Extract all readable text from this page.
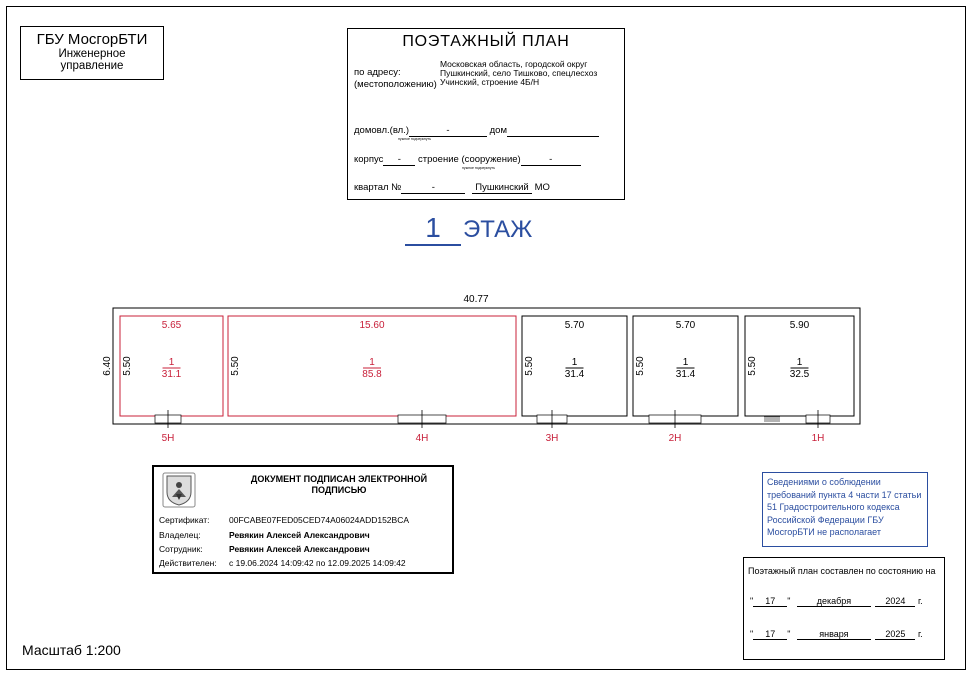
ГБУ МосгорБТИ
Инженерное
управление
ПОЭТАЖНЫЙ ПЛАН
по адресу:
(местоположению)
Московская область, городской округ
Пушкинский, село Тишково, спецлесхоз
Учинский, строение 4Б/Н
домовл.(вл.)	-	дом
нужное подчеркнуть
корпус - строение (сооружение)	-
нужное подчеркнуть
квартал №	-	Пушкинский МО
1 ЭТАЖ
40.77
6.40
5.65
5.50	1
31.1
5Н
15.60
5.50	1
85.8
4Н
5.70
5.50	1
31.4
3Н
5.70
5.50	1
31.4
2Н
5.90
5.50	1
32.5
1Н
ДОКУМЕНТ ПОДПИСАН ЭЛЕКТРОННОЙ
ПОДПИСЬЮ
Сертификат: 00FCABE07FED05CED74A06024ADD152BCA
Владелец:	Ревякин Алексей Александрович
Сотрудник:	Ревякин Алексей Александрович
Действителен: с 19.06.2024 14:09:42 по 12.09.2025 14:09:42
Сведениями о соблюдении требований пункта 4 части 17 статьи 51 Градостроительного кодекса Российской Федерации ГБУ МосгорБТИ не располагает
Поэтажный план составлен по состоянию на
" 17 "	декабря	2024 г.
" 17 "	января	2025 г.
Масштаб 1:200
